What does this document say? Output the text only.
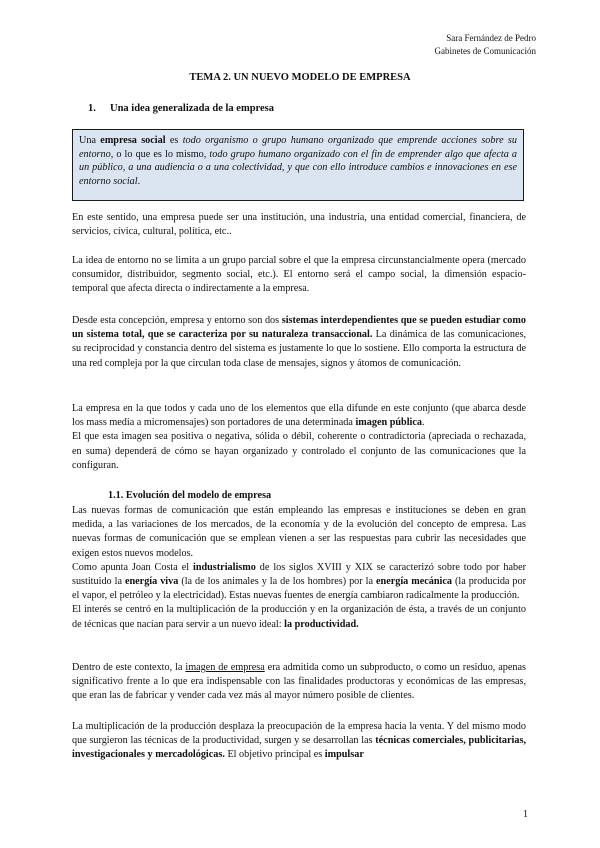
Sara Fernández de Pedro
Gabinetes de Comunicación
TEMA 2. UN NUEVO MODELO DE EMPRESA
1. Una idea generalizada de la empresa
Una empresa social es todo organismo o grupo humano organizado que emprende acciones sobre su entorno, o lo que es lo mismo, todo grupo humano organizado con el fin de emprender algo que afecta a un público, a una audiencia o a una colectividad, y que con ello introduce cambios e innovaciones en ese entorno social.

En este sentido, una empresa puede ser una institución, una industria, una entidad comercial, financiera, de servicios, cívica, cultural, política, etc..

La idea de entorno no se limita a un grupo parcial sobre el que la empresa circunstancialmente opera (mercado consumidor, distribuidor, segmento social, etc.). El entorno será el campo social, la dimensión espacio-temporal que afecta directa o indirectamente a la empresa.

Desde esta concepción, empresa y entorno son dos sistemas interdependientes que se pueden estudiar como un sistema total, que se caracteriza por su naturaleza transaccional. La dinámica de las comunicaciones, su reciprocidad y constancia dentro del sistema es justamente lo que lo sostiene. Ello comporta la estructura de una red compleja por la que circulan toda clase de mensajes, signos y átomos de comunicación.

La empresa en la que todos y cada uno de los elementos que ella difunde en este conjunto (que abarca desde los mass media a micromensajes) son portadores de una determinada imagen pública.
El que esta imagen sea positiva o negativa, sólida o débil, coherente o contradictoria (apreciada o rechazada, en suma) dependerá de cómo se hayan organizado y controlado el conjunto de las comunicaciones que la configuran.

1.1. Evolución del modelo de empresa

Las nuevas formas de comunicación que están empleando las empresas e instituciones se deben en gran medida, a las variaciones de los mercados, de la economía y de la evolución del concepto de empresa. Las nuevas formas de comunicación que se emplean vienen a ser las respuestas para cubrir las necesidades que exigen estos nuevos modelos.
Como apunta Joan Costa el industrialismo de los siglos XVIII y XIX se caracterizó sobre todo por haber sustituido la energía viva (la de los animales y la de los hombres) por la energía mecánica (la producida por el vapor, el petróleo y la electricidad). Estas nuevas fuentes de energía cambiaron radicalmente la producción.
El interés se centró en la multiplicación de la producción y en la organización de ésta, a través de un conjunto de técnicas que nacían para servir a un nuevo ideal: la productividad.

Dentro de este contexto, la imagen de empresa era admitida como un subproducto, o como un residuo, apenas significativo frente a lo que era indispensable con las finalidades productoras y económicas de las empresas, que eran las de fabricar y vender cada vez más al mayor número posible de clientes.

La multiplicación de la producción desplaza la preocupación de la empresa hacia la venta. Y del mismo modo que surgieron las técnicas de la productividad, surgen y se desarrollan las técnicas comerciales, publicitarias, investigacionales y mercadológicas. El objetivo principal es impulsar

1
